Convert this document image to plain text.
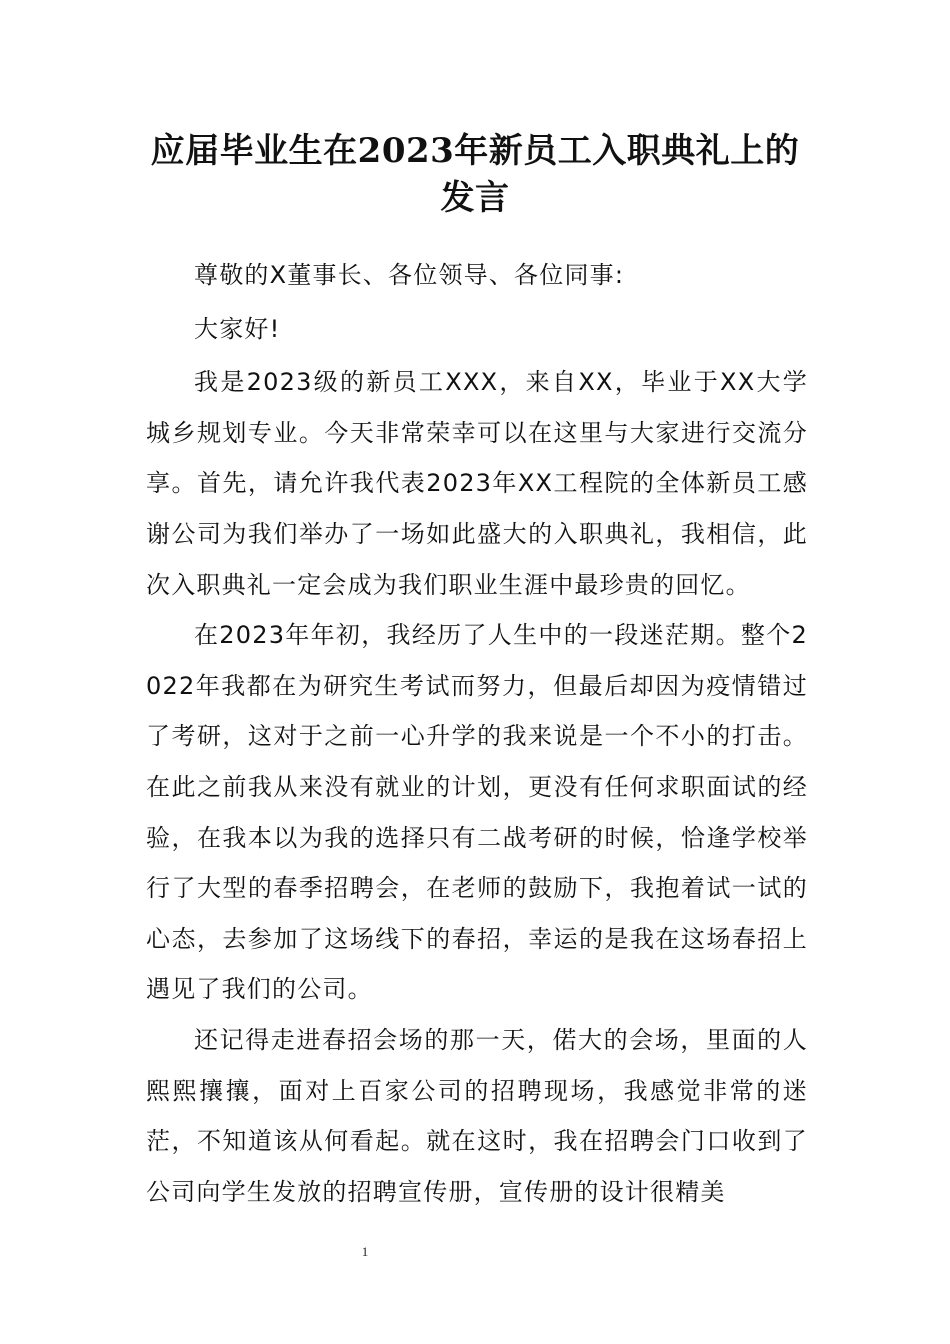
应届毕业生在2023年新员工入职典礼上的发言

尊敬的X董事长、各位领导、各位同事:

大家好!

我是2023级的新员工XXX，来自XX，毕业于XX大学城乡规划专业。今天非常荣幸可以在这里与大家进行交流分享。首先，请允许我代表2023年XX工程院的全体新员工感谢公司为我们举办了一场如此盛大的入职典礼，我相信，此次入职典礼一定会成为我们职业生涯中最珍贵的回忆。

在2023年年初，我经历了人生中的一段迷茫期。整个2022年我都在为研究生考试而努力，但最后却因为疫情错过了考研，这对于之前一心升学的我来说是一个不小的打击。在此之前我从来没有就业的计划，更没有任何求职面试的经验，在我本以为我的选择只有二战考研的时候，恰逢学校举行了大型的春季招聘会，在老师的鼓励下，我抱着试一试的心态，去参加了这场线下的春招，幸运的是我在这场春招上遇见了我们的公司。

还记得走进春招会场的那一天，偌大的会场，里面的人熙熙攘攘，面对上百家公司的招聘现场，我感觉非常的迷茫，不知道该从何看起。就在这时，我在招聘会门口收到了公司向学生发放的招聘宣传册，宣传册的设计很精美

1
